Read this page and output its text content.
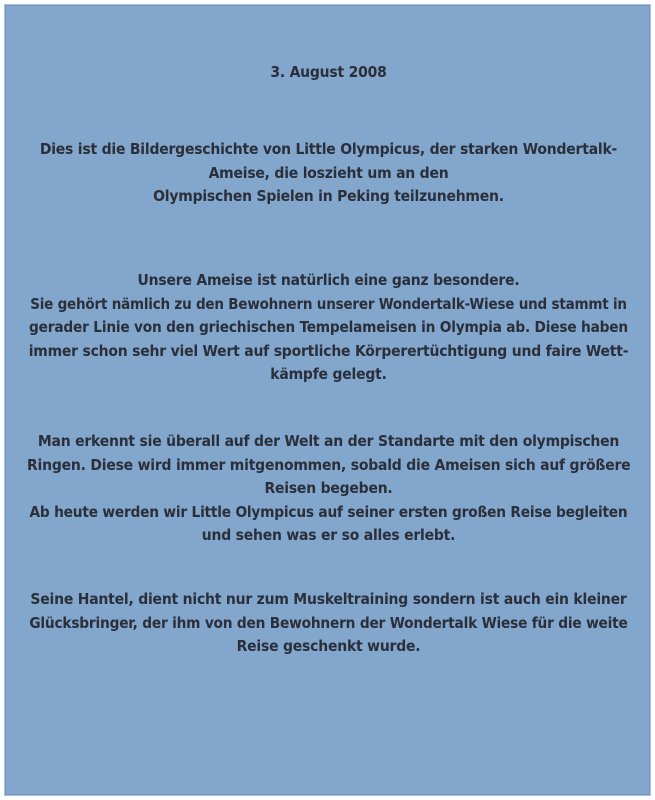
3. August 2008
Dies ist die Bildergeschichte von Little Olympicus, der starken Wondertalk-
Ameise, die loszieht um an den
Olympischen Spielen in Peking teilzunehmen.
Unsere Ameise ist natürlich eine ganz besondere.
Sie gehört nämlich zu den Bewohnern unserer Wondertalk-Wiese und stammt in
gerader Linie von den griechischen Tempelameisen in Olympia ab. Diese haben
immer schon sehr viel Wert auf sportliche Körperertüchtigung und faire Wett-
kämpfe gelegt.
Man erkennt sie überall auf der Welt an der Standarte mit den olympischen
Ringen. Diese wird immer mitgenommen, sobald die Ameisen sich auf größere
Reisen begeben.
Ab heute werden wir Little Olympicus auf seiner ersten großen Reise begleiten
und sehen was er so alles erlebt.
Seine Hantel, dient nicht nur zum Muskeltraining sondern ist auch ein kleiner
Glücksbringer, der ihm von den Bewohnern der Wondertalk Wiese für die weite
Reise geschenkt wurde.
